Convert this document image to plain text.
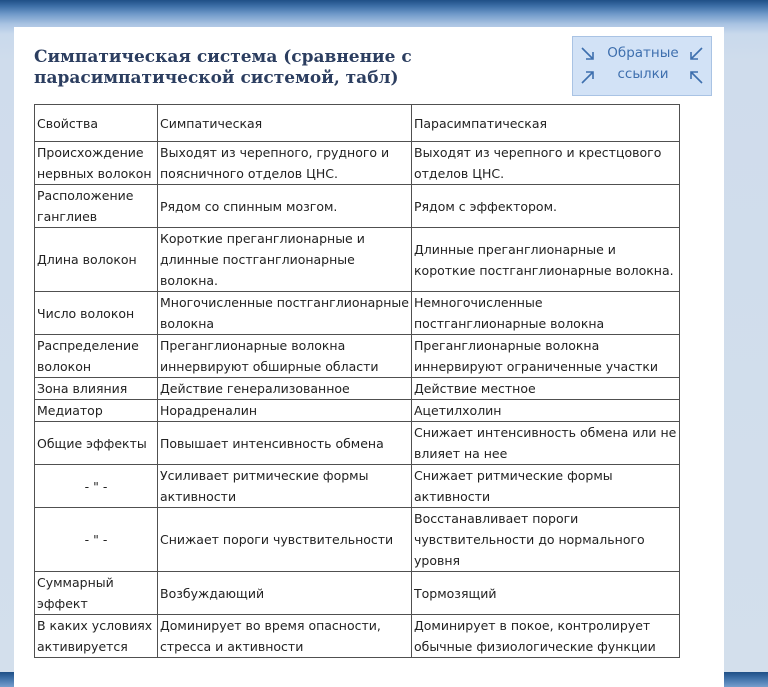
Симпатическая система (сравнение с парасимпатической системой, табл)
Обратные ссылки
Свойства	Симпатическая	Парасимпатическая
Происхождение нервных волокон	Выходят из черепного, грудного и поясничного отделов ЦНС.	Выходят из черепного и крестцового отделов ЦНС.
Расположение ганглиев	Рядом со спинным мозгом.	Рядом с эффектором.
Длина волокон	Короткие преганглионарные и длинные постганглионарные волокна.	Длинные преганглионарные и короткие постганглионарные волокна.
Число волокон	Многочисленные постганглионарные волокна	Немногочисленные постганглионарные волокна
Распределение волокон	Преганглионарные волокна иннервируют обширные области	Преганглионарные волокна иннервируют ограниченные участки
Зона влияния	Действие генерализованное	Действие местное
Медиатор	Норадреналин	Ацетилхолин
Общие эффекты	Повышает интенсивность обмена	Снижает интенсивность обмена или не влияет на нее
- " -	Усиливает ритмические формы активности	Снижает ритмические формы активности
- " -	Снижает пороги чувствительности	Восстанавливает пороги чувствительности до нормального уровня
Суммарный эффект	Возбуждающий	Тормозящий
В каких условиях активируется	Доминирует во время опасности, стресса и активности	Доминирует в покое, контролирует обычные физиологические функции
